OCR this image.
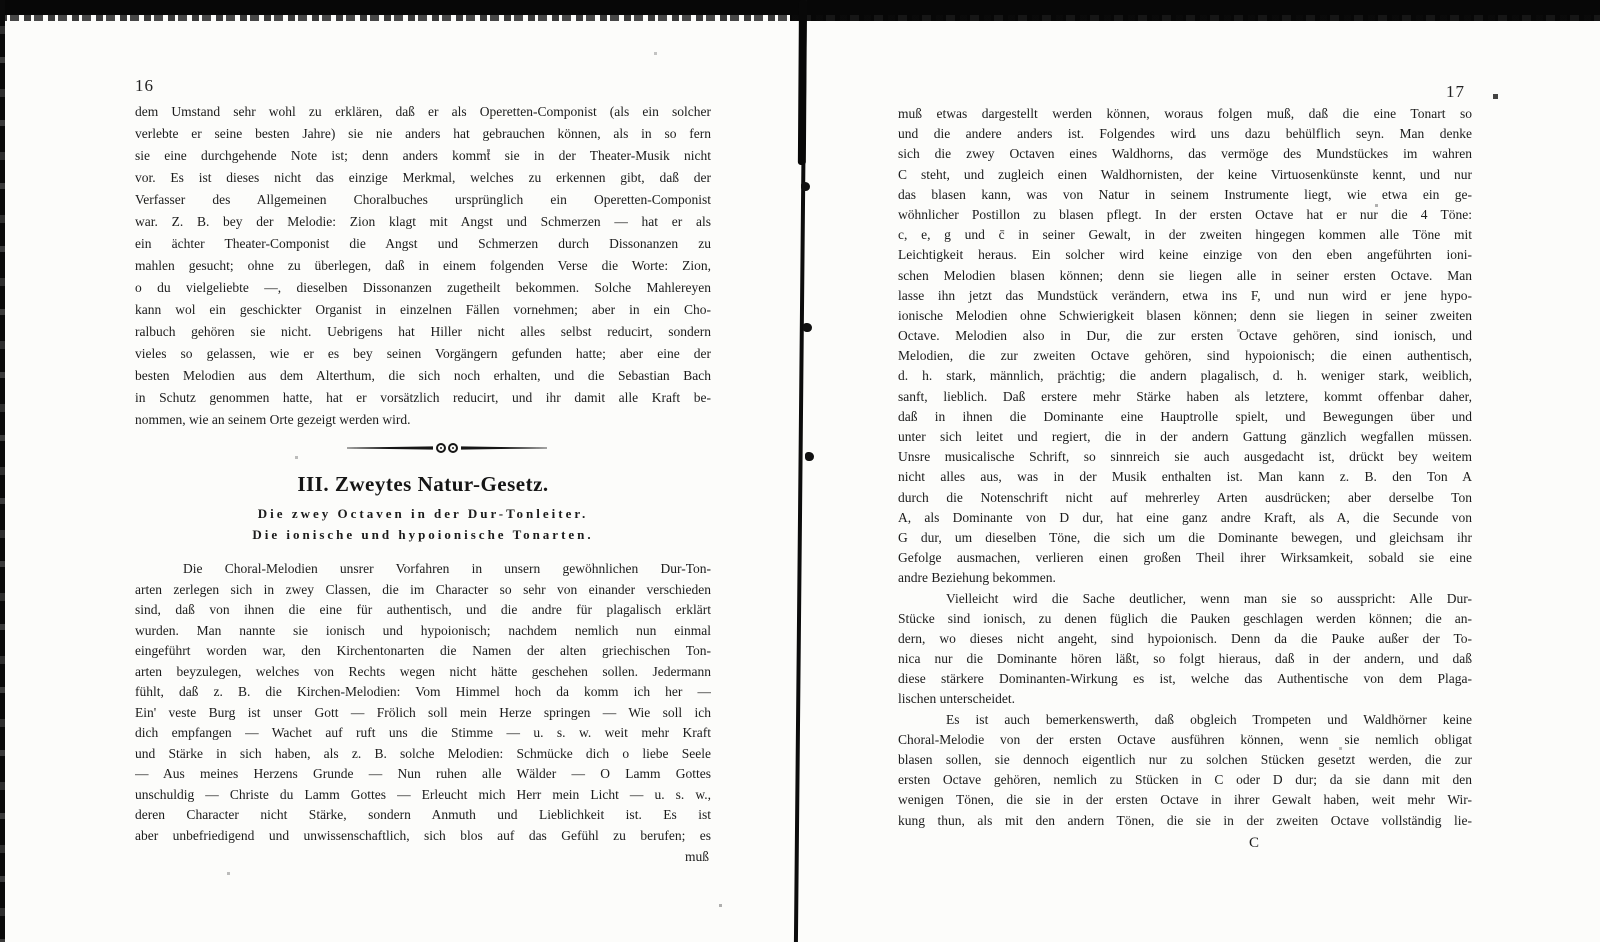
16
dem Umstand sehr wohl zu erklären, daß er als Operetten-Componist (als ein solcher
verlebte er seine besten Jahre) sie nie anders hat gebrauchen können, als in so fern
sie eine durchgehende Note ist; denn anders kommt sie in der Theater-Musik nicht
vor. Es ist dieses nicht das einzige Merkmal, welches zu erkennen gibt, daß der
Verfasser des Allgemeinen Choralbuches ursprünglich ein Operetten-Componist
war. Z. B. bey der Melodie: Zion klagt mit Angst und Schmerzen — hat er als
ein ächter Theater-Componist die Angst und Schmerzen durch Dissonanzen zu
mahlen gesucht; ohne zu überlegen, daß in einem folgenden Verse die Worte: Zion,
o du vielgeliebte —, dieselben Dissonanzen zugetheilt bekommen. Solche Mahlereyen
kann wol ein geschickter Organist in einzelnen Fällen vornehmen; aber in ein Cho-
ralbuch gehören sie nicht. Uebrigens hat Hiller nicht alles selbst reducirt, sondern
vieles so gelassen, wie er es bey seinen Vorgängern gefunden hatte; aber eine der
besten Melodien aus dem Alterthum, die sich noch erhalten, und die Sebastian Bach
in Schutz genommen hatte, hat er vorsätzlich reducirt, und ihr damit alle Kraft be-
nommen, wie an seinem Orte gezeigt werden wird.
III. Zweytes Natur-Gesetz.
Die zwey Octaven in der Dur-Tonleiter.
Die ionische und hypoionische Tonarten.
Die Choral-Melodien unsrer Vorfahren in unsern gewöhnlichen Dur-Ton-
arten zerlegen sich in zwey Classen, die im Character so sehr von einander verschieden
sind, daß von ihnen die eine für authentisch, und die andre für plagalisch erklärt
wurden. Man nannte sie ionisch und hypoionisch; nachdem nemlich nun einmal
eingeführt worden war, den Kirchentonarten die Namen der alten griechischen Ton-
arten beyzulegen, welches von Rechts wegen nicht hätte geschehen sollen. Jedermann
fühlt, daß z. B. die Kirchen-Melodien: Vom Himmel hoch da komm ich her —
Ein' veste Burg ist unser Gott — Frölich soll mein Herze springen — Wie soll ich
dich empfangen — Wachet auf ruft uns die Stimme — u. s. w. weit mehr Kraft
und Stärke in sich haben, als z. B. solche Melodien: Schmücke dich o liebe Seele
— Aus meines Herzens Grunde — Nun ruhen alle Wälder — O Lamm Gottes
unschuldig — Christe du Lamm Gottes — Erleucht mich Herr mein Licht — u. s. w.,
deren Character nicht Stärke, sondern Anmuth und Lieblichkeit ist. Es ist
aber unbefriedigend und unwissenschaftlich, sich blos auf das Gefühl zu berufen; es
muß
17
muß etwas dargestellt werden können, woraus folgen muß, daß die eine Tonart so
und die andere anders ist. Folgendes wird uns dazu behülflich seyn. Man denke
sich die zwey Octaven eines Waldhorns, das vermöge des Mundstückes im wahren
C steht, und zugleich einen Waldhornisten, der keine Virtuosenkünste kennt, und nur
das blasen kann, was von Natur in seinem Instrumente liegt, wie etwa ein ge-
wöhnlicher Postillon zu blasen pflegt. In der ersten Octave hat er nur die 4 Töne:
c, e, g und c̄ in seiner Gewalt, in der zweiten hingegen kommen alle Töne mit
Leichtigkeit heraus. Ein solcher wird keine einzige von den eben angeführten ioni-
schen Melodien blasen können; denn sie liegen alle in seiner ersten Octave. Man
lasse ihn jetzt das Mundstück verändern, etwa ins F, und nun wird er jene hypo-
ionische Melodien ohne Schwierigkeit blasen können; denn sie liegen in seiner zweiten
Octave. Melodien also in Dur, die zur ersten Octave gehören, sind ionisch, und
Melodien, die zur zweiten Octave gehören, sind hypoionisch; die einen authentisch,
d. h. stark, männlich, prächtig; die andern plagalisch, d. h. weniger stark, weiblich,
sanft, lieblich. Daß erstere mehr Stärke haben als letztere, kommt offenbar daher,
daß in ihnen die Dominante eine Hauptrolle spielt, und Bewegungen über und
unter sich leitet und regiert, die in der andern Gattung gänzlich wegfallen müssen.
Unsre musicalische Schrift, so sinnreich sie auch ausgedacht ist, drückt bey weitem
nicht alles aus, was in der Musik enthalten ist. Man kann z. B. den Ton A
durch die Notenschrift nicht auf mehrerley Arten ausdrücken; aber derselbe Ton
A, als Dominante von D dur, hat eine ganz andre Kraft, als A, die Secunde von
G dur, um dieselben Töne, die sich um die Dominante bewegen, und gleichsam ihr
Gefolge ausmachen, verlieren einen großen Theil ihrer Wirksamkeit, sobald sie eine
andre Beziehung bekommen.
Vielleicht wird die Sache deutlicher, wenn man sie so ausspricht: Alle Dur-
Stücke sind ionisch, zu denen füglich die Pauken geschlagen werden können; die an-
dern, wo dieses nicht angeht, sind hypoionisch. Denn da die Pauke außer der To-
nica nur die Dominante hören läßt, so folgt hieraus, daß in der andern, und daß
diese stärkere Dominanten-Wirkung es ist, welche das Authentische von dem Plaga-
lischen unterscheidet.
Es ist auch bemerkenswerth, daß obgleich Trompeten und Waldhörner keine
Choral-Melodie von der ersten Octave ausführen können, wenn sie nemlich obligat
blasen sollen, sie dennoch eigentlich nur zu solchen Stücken gesetzt werden, die zur
ersten Octave gehören, nemlich zu Stücken in C oder D dur; da sie dann mit den
wenigen Tönen, die sie in der ersten Octave in ihrer Gewalt haben, weit mehr Wir-
kung thun, als mit den andern Tönen, die sie in der zweiten Octave vollständig lie-
C
